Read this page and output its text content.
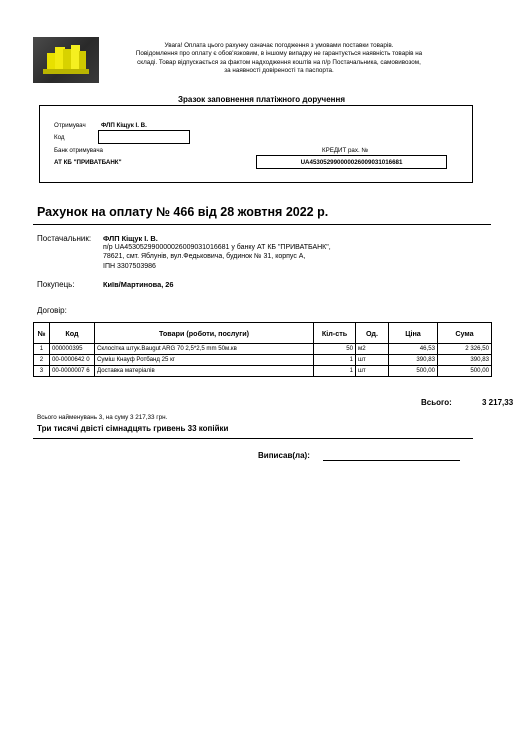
Увага! Оплата цього рахунку означає погодження з умовами поставки товарів.
Повідомлення про оплату є обов'язковим, в іншому випадку не гарантується наявність товарів на
складі. Товар відпускається за фактом надходження коштів на п/р Постачальника, самовивозом,
за наявності довіреності та паспорта.
Зразок заповнення платіжного доручення
Отримувач ФЛП Кіщук І. В.
Код
Банк отримувача
АТ КБ "ПРИВАТБАНК"
КРЕДИТ рах. №
UA453052990000026009031016681
Рахунок на оплату № 466 від 28 жовтня 2022 р.
Постачальник: ФЛП Кіщук І. В.
п/р UA453052990000026009031016681 у банку АТ КБ "ПРИВАТБАНК",
78621, смт. Яблунів, вул.Федьковича, будинок № 31, корпус А,
ІПН 3307503986
Покупець:	Київ/Мартинова, 26
Договір:
№	Код	Товари (роботи, послуги)	Кіл-сть	Од.	Ціна	Сума
1	000000395	Склосітка штук.Baugut ARG 70 2,5*2,5 mm 50м.кв	50	м2	46,53	2 326,50
2	00-0000642 0	Суміш Кнауф Ротбанд 25 кг	1	шт	390,83	390,83
3	00-0000007 6	Доставка матеріалів	1	шт	500,00	500,00
Всього:	3 217,33
Всього найменувань 3, на суму 3 217,33 грн.
Три тисячі двісті сімнадцять гривень 33 копійки
Виписав(ла):
